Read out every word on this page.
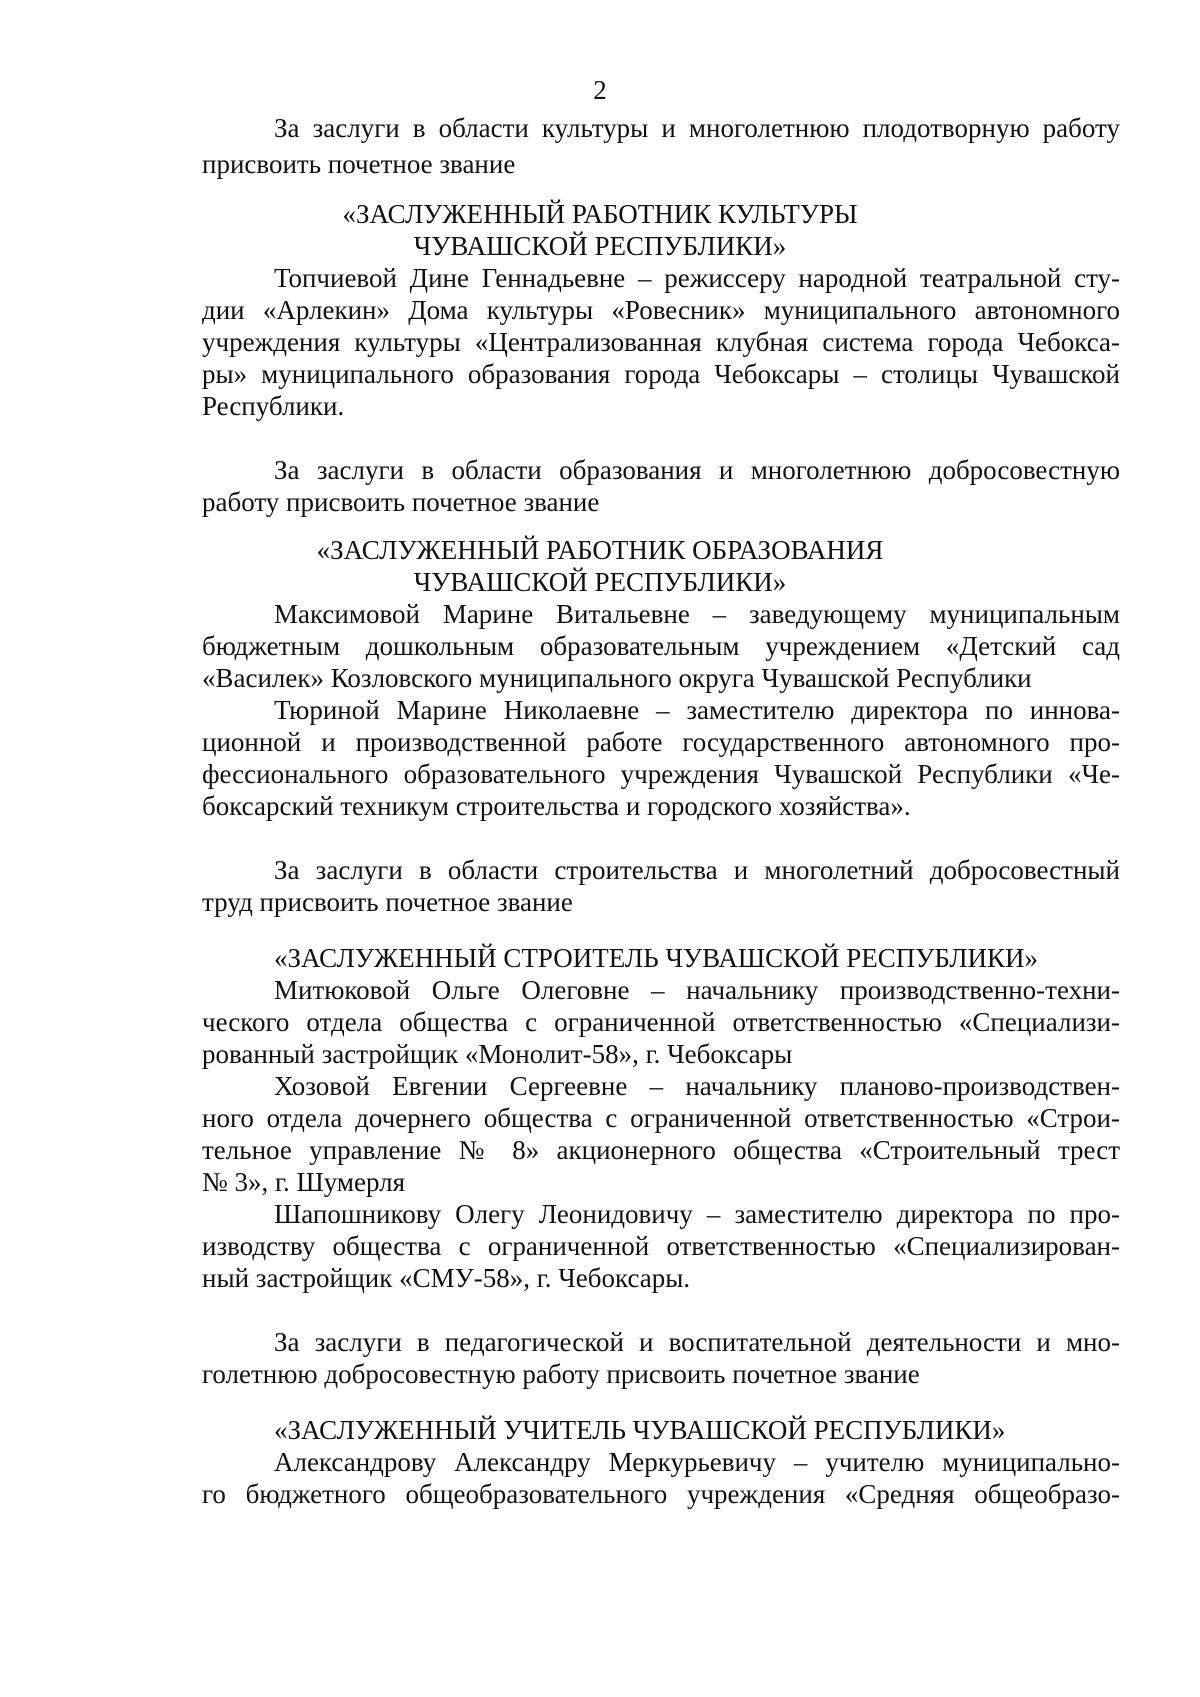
2
За заслуги в области культуры и многолетнюю плодотворную работу
присвоить почетное звание
«ЗАСЛУЖЕННЫЙ РАБОТНИК КУЛЬТУРЫ
ЧУВАШСКОЙ РЕСПУБЛИКИ»
Топчиевой Дине Геннадьевне – режиссеру народной театральной сту-
дии «Арлекин» Дома культуры «Ровесник» муниципального автономного
учреждения культуры «Централизованная клубная система города Чебокса-
ры» муниципального образования города Чебоксары – столицы Чувашской
Республики.
За заслуги в области образования и многолетнюю добросовестную
работу присвоить почетное звание
«ЗАСЛУЖЕННЫЙ РАБОТНИК ОБРАЗОВАНИЯ
ЧУВАШСКОЙ РЕСПУБЛИКИ»
Максимовой Марине Витальевне – заведующему муниципальным
бюджетным дошкольным образовательным учреждением «Детский сад
«Василек» Козловского муниципального округа Чувашской Республики
Тюриной Марине Николаевне – заместителю директора по иннова-
ционной и производственной работе государственного автономного про-
фессионального образовательного учреждения Чувашской Республики «Че-
боксарский техникум строительства и городского хозяйства».
За заслуги в области строительства и многолетний добросовестный
труд присвоить почетное звание
«ЗАСЛУЖЕННЫЙ СТРОИТЕЛЬ ЧУВАШСКОЙ РЕСПУБЛИКИ»
Митюковой Ольге Олеговне – начальнику производственно-техни-
ческого отдела общества с ограниченной ответственностью «Специализи-
рованный застройщик «Монолит-58», г. Чебоксары
Хозовой Евгении Сергеевне – начальнику планово-производствен-
ного отдела дочернего общества с ограниченной ответственностью «Строи-
тельное управление № 8» акционерного общества «Строительный трест
№ 3», г. Шумерля
Шапошникову Олегу Леонидовичу – заместителю директора по про-
изводству общества с ограниченной ответственностью «Специализирован-
ный застройщик «СМУ-58», г. Чебоксары.
За заслуги в педагогической и воспитательной деятельности и мно-
голетнюю добросовестную работу присвоить почетное звание
«ЗАСЛУЖЕННЫЙ УЧИТЕЛЬ ЧУВАШСКОЙ РЕСПУБЛИКИ»
Александрову Александру Меркурьевичу – учителю муниципально-
го бюджетного общеобразовательного учреждения «Средняя общеобразо-
